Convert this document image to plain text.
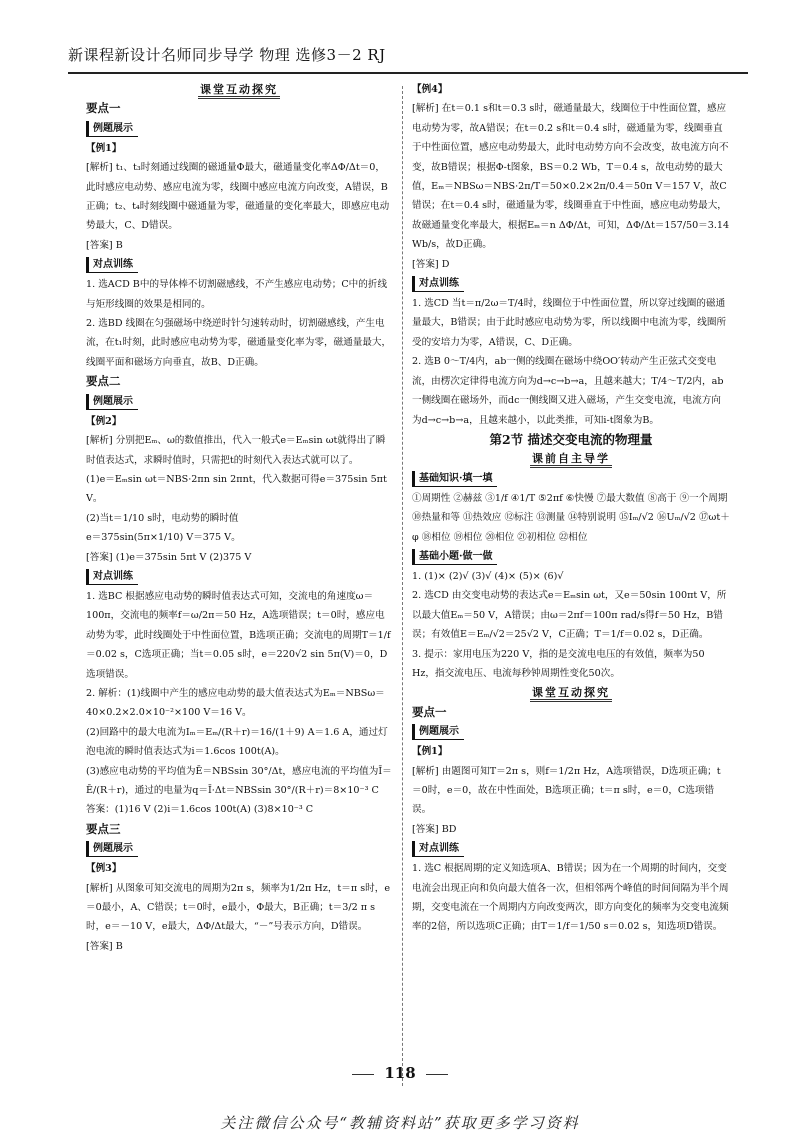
新课程新设计名师同步导学 物理 选修3－2 RJ
课堂互动探究

要点一

例题展示

【例1】

[解析] t₁、t₃时刻通过线圈的磁通量Φ最大，磁通量变化率ΔΦ/Δt＝0，此时感应电动势、感应电流为零，线圈中感应电流方向改变，A错误，B正确；t₂、t₄时刻线圈中磁通量为零，磁通量的变化率最大，即感应电动势最大，C、D错误。

[答案] B

对点训练

1. 选ACD B中的导体棒不切割磁感线，不产生感应电动势；C中的折线与矩形线圈的效果是相同的。

2. 选BD 线圈在匀强磁场中绕逆时针匀速转动时，切割磁感线，产生电流，在t₁时刻，此时感应电动势为零，磁通量变化率为零，磁通量最大，线圈平面和磁场方向垂直，故B、D正确。

要点二

例题展示

【例2】

[解析] 分别把Eₘ、ω的数值推出，代入一般式e＝Eₘsin ωt就得出了瞬时值表达式，求瞬时值时，只需把t的时刻代入表达式就可以了。

(1)e＝Eₘsin ωt＝NBS·2πn sin 2πnt，代入数据可得e＝375sin 5πt V。

(2)当t＝1/10 s时，电动势的瞬时值

e＝375sin(5π×1/10) V＝375 V。

[答案] (1)e＝375sin 5πt V (2)375 V

对点训练

1. 选BC 根据感应电动势的瞬时值表达式可知，交流电的角速度ω＝100π，交流电的频率f＝ω/2π＝50 Hz，A选项错误；t＝0时，感应电动势为零，此时线圈处于中性面位置，B选项正确；交流电的周期T＝1/f＝0.02 s，C选项正确；当t＝0.05 s时，e＝220√2 sin 5π(V)＝0，D选项错误。

2. 解析：(1)线圈中产生的感应电动势的最大值表达式为Eₘ＝NBSω＝40×0.2×2.0×10⁻²×100 V＝16 V。

(2)回路中的最大电流为Iₘ＝Eₘ/(R＋r)＝16/(1＋9) A＝1.6 A，通过灯泡电流的瞬时值表达式为i＝1.6cos 100t(A)。

(3)感应电动势的平均值为Ē＝NBSsin 30°/Δt，感应电流的平均值为Ī＝Ē/(R＋r)，通过的电量为q＝Ī·Δt＝NBSsin 30°/(R＋r)＝8×10⁻³ C

答案：(1)16 V (2)i＝1.6cos 100t(A) (3)8×10⁻³ C

要点三

例题展示

【例3】

[解析] 从图象可知交流电的周期为2π s，频率为1/2π Hz，t＝π s时，e＝0最小，A、C错误；t＝0时，e最小，Φ最大，B正确；t＝3/2 π s时，e＝－10 V，e最大，ΔΦ/Δt最大，“－”号表示方向，D错误。

[答案] B

【例4】

[解析] 在t＝0.1 s和t＝0.3 s时，磁通量最大，线圈位于中性面位置，感应电动势为零，故A错误；在t＝0.2 s和t＝0.4 s时，磁通量为零，线圈垂直于中性面位置，感应电动势最大，此时电动势方向不会改变，故电流方向不变，故B错误；根据Φ-t图象，BS＝0.2 Wb，T＝0.4 s，故电动势的最大值，Eₘ＝NBSω＝NBS·2π/T＝50×0.2×2π/0.4＝50π V＝157 V，故C错误；在t＝0.4 s时，磁通量为零，线圈垂直于中性面，感应电动势最大，故磁通量变化率最大，根据Eₘ＝n ΔΦ/Δt，可知，ΔΦ/Δt＝157/50＝3.14 Wb/s，故D正确。

[答案] D

对点训练

1. 选CD 当t＝π/2ω＝T/4时，线圈位于中性面位置，所以穿过线圈的磁通量最大，B错误；由于此时感应电动势为零，所以线圈中电流为零，线圈所受的安培力为零，A错误，C、D正确。

2. 选B 0～T/4内，ab一侧的线圈在磁场中绕OO′转动产生正弦式交变电流，由楞次定律得电流方向为d→c→b→a，且越来越大；T/4～T/2内，ab一侧线圈在磁场外，而dc一侧线圈又进入磁场，产生交变电流，电流方向为d→c→b→a，且越来越小，以此类推，可知i-t图象为B。

第2节 描述交变电流的物理量

课前自主导学
基础知识·填一填

①周期性 ②赫兹 ③1/f ④1/T ⑤2πf ⑥快慢 ⑦最大数值 ⑧高于 ⑨一个周期 ⑩热量和等 ⑪热效应 ⑫标注 ⑬测量 ⑭特别说明 ⑮Iₘ/√2 ⑯Uₘ/√2 ⑰ωt＋φ ⑱相位 ⑲相位 ⑳相位 ㉑初相位 ㉒相位

基础小题·做一做

1. (1)× (2)√ (3)√ (4)× (5)× (6)√

2. 选CD 由交变电动势的表达式e＝Eₘsin ωt，又e＝50sin 100πt V，所以最大值Eₘ＝50 V，A错误；由ω＝2πf＝100π rad/s得f＝50 Hz，B错误；有效值E＝Eₘ/√2＝25√2 V，C正确；T＝1/f＝0.02 s，D正确。

3. 提示：家用电压为220 V，指的是交流电电压的有效值，频率为50 Hz，指交流电压、电流每秒钟周期性变化50次。

课堂互动探究

要点一

例题展示

【例1】

[解析] 由题图可知T＝2π s，则f＝1/2π Hz，A选项错误，D选项正确；t＝0时，e＝0，故在中性面处，B选项正确；t＝π s时，e＝0，C选项错误。

[答案] BD

对点训练

1. 选C 根据周期的定义知选项A、B错误；因为在一个周期的时间内，交变电流会出现正向和负向最大值各一次，但相邻两个峰值的时间间隔为半个周期，交变电流在一个周期内方向改变两次，即方向变化的频率为交变电流频率的2倍，所以选项C正确；由T＝1/f＝1/50 s＝0.02 s，知选项D错误。

118
关注微信公众号“教辅资料站”获取更多学习资料
